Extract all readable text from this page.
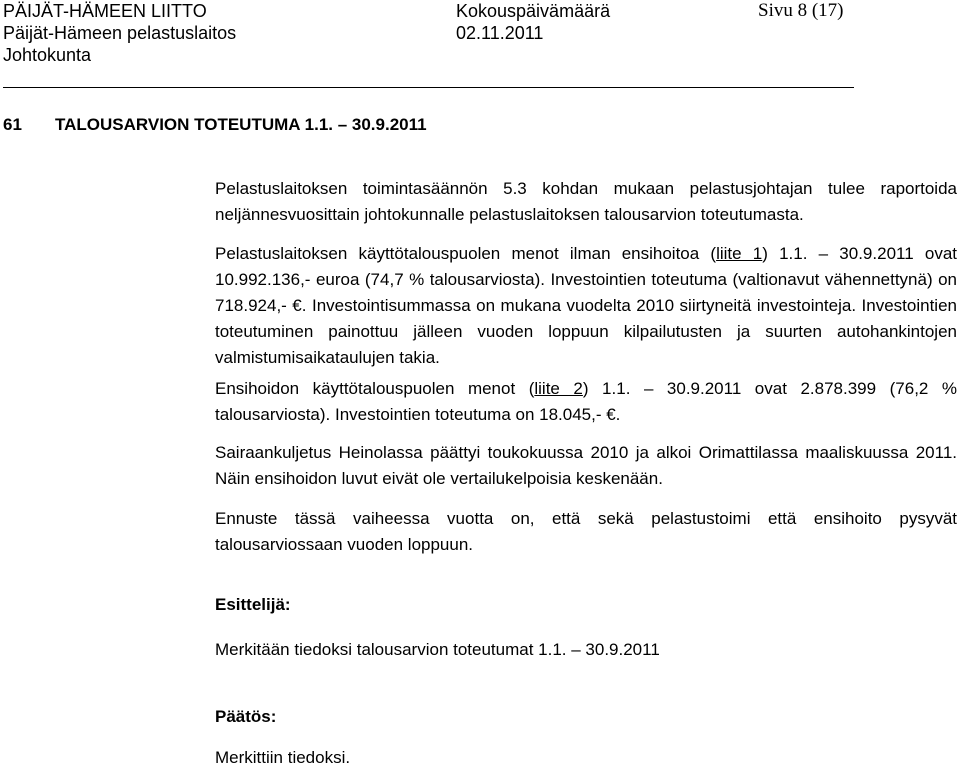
PÄIJÄT-HÄMEEN LIITTO	Kokouspäivämäärä	Sivu 8 (17)
Päijät-Hämeen pelastuslaitos	02.11.2011
Johtokunta
61 TALOUSARVION TOTEUTUMA 1.1. – 30.9.2011

Pelastuslaitoksen toimintasäännön 5.3 kohdan mukaan pelastusjohtajan tulee raportoida neljännesvuosittain johtokunnalle pelastuslaitoksen talousarvion toteutumasta.

Pelastuslaitoksen käyttötalouspuolen menot ilman ensihoitoa (liite 1) 1.1. – 30.9.2011 ovat 10.992.136,- euroa (74,7 % talousarviosta). Investointien toteutuma (valtionavut vähennettynä) on 718.924,- €. Investointisummassa on mukana vuodelta 2010 siirtyneitä investointeja. Investointien toteutuminen painottuu jälleen vuoden loppuun kilpailutusten ja suurten autohankintojen valmistumisaikataulujen takia.

Ensihoidon käyttötalouspuolen menot (liite 2) 1.1. – 30.9.2011 ovat 2.878.399 (76,2 % talousarviosta). Investointien toteutuma on 18.045,- €.

Sairaankuljetus Heinolassa päättyi toukokuussa 2010 ja alkoi Orimattilassa maaliskuussa 2011. Näin ensihoidon luvut eivät ole vertailukelpoisia keskenään.

Ennuste tässä vaiheessa vuotta on, että sekä pelastustoimi että ensihoito pysyvät talousarviossaan vuoden loppuun.

Esittelijä:

Merkitään tiedoksi talousarvion toteutumat 1.1. – 30.9.2011

Päätös:

Merkittiin tiedoksi.
